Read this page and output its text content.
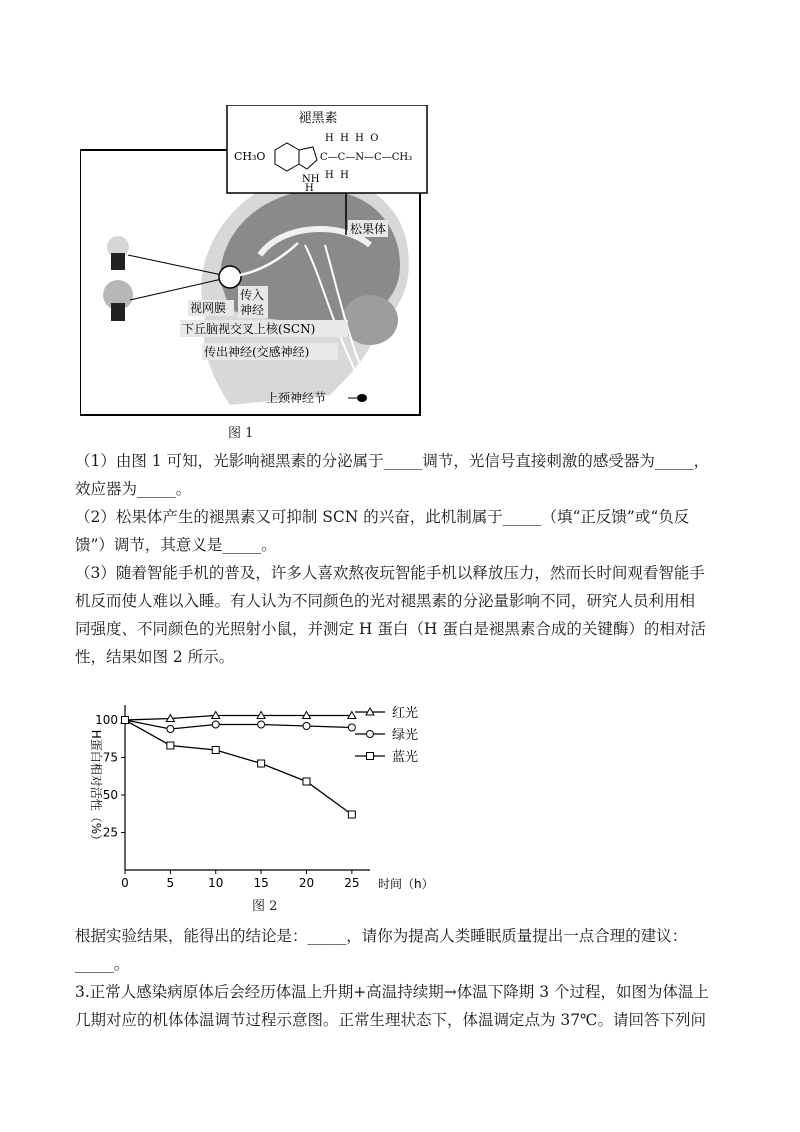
褪黑素
CH₃O
NH
H
H  H  H  O
C—C—N—C—CH₃
H  H
松果体
视网膜
传入
神经
下丘脑视交叉上核(SCN)
传出神经(交感神经)
上颈神经节
图 1

（1）由图 1 可知，光影响褪黑素的分泌属于_____调节，光信号直接刺激的感受器为_____，

效应器为_____。

（2）松果体产生的褪黑素又可抑制 SCN 的兴奋，此机制属于_____（填“正反馈”或“负反

馈”）调节，其意义是_____。

（3）随着智能手机的普及，许多人喜欢熬夜玩智能手机以释放压力，然而长时间观看智能手

机反而使人难以入睡。有人认为不同颜色的光对褪黑素的分泌量影响不同，研究人员利用相

同强度、不同颜色的光照射小鼠，并测定 H 蛋白（H 蛋白是褪黑素合成的关键酶）的相对活

性，结果如图 2 所示。

H蛋白相对活性（%）
时间（h）
0	5	10	15	20	25
25
50
75
100	红光
绿光
蓝光
图 2

根据实验结果，能得出的结论是：_____，请你为提高人类睡眠质量提出一点合理的建议：

_____。

3.正常人感染病原体后会经历体温上升期+高温持续期→体温下降期 3 个过程，如图为体温上

几期对应的机体体温调节过程示意图。正常生理状态下，体温调定点为 37℃。请回答下列问
